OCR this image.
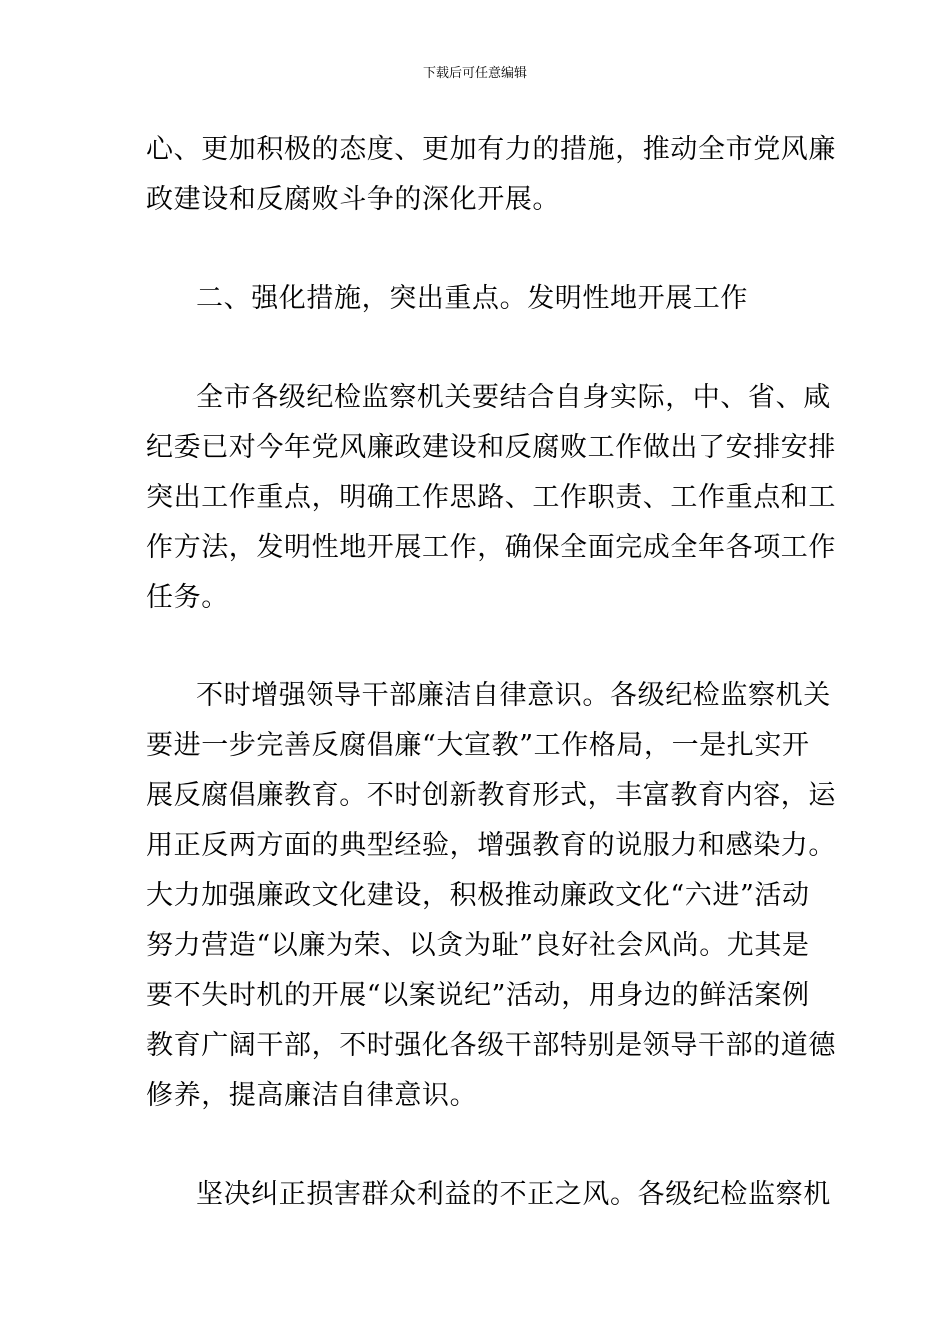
下载后可任意编辑
心、更加积极的态度、更加有力的措施，推动全市党风廉
政建设和反腐败斗争的深化开展。
二、强化措施，突出重点。发明性地开展工作
全市各级纪检监察机关要结合自身实际，中、省、咸
纪委已对今年党风廉政建设和反腐败工作做出了安排安排
突出工作重点，明确工作思路、工作职责、工作重点和工
作方法，发明性地开展工作，确保全面完成全年各项工作
任务。
不时增强领导干部廉洁自律意识。各级纪检监察机关
要进一步完善反腐倡廉“大宣教”工作格局，一是扎实开
展反腐倡廉教育。不时创新教育形式，丰富教育内容，运
用正反两方面的典型经验，增强教育的说服力和感染力。
大力加强廉政文化建设，积极推动廉政文化“六进”活动
努力营造“以廉为荣、以贪为耻”良好社会风尚。尤其是
要不失时机的开展“以案说纪”活动，用身边的鲜活案例
教育广阔干部，不时强化各级干部特别是领导干部的道德
修养，提高廉洁自律意识。
坚决纠正损害群众利益的不正之风。各级纪检监察机
